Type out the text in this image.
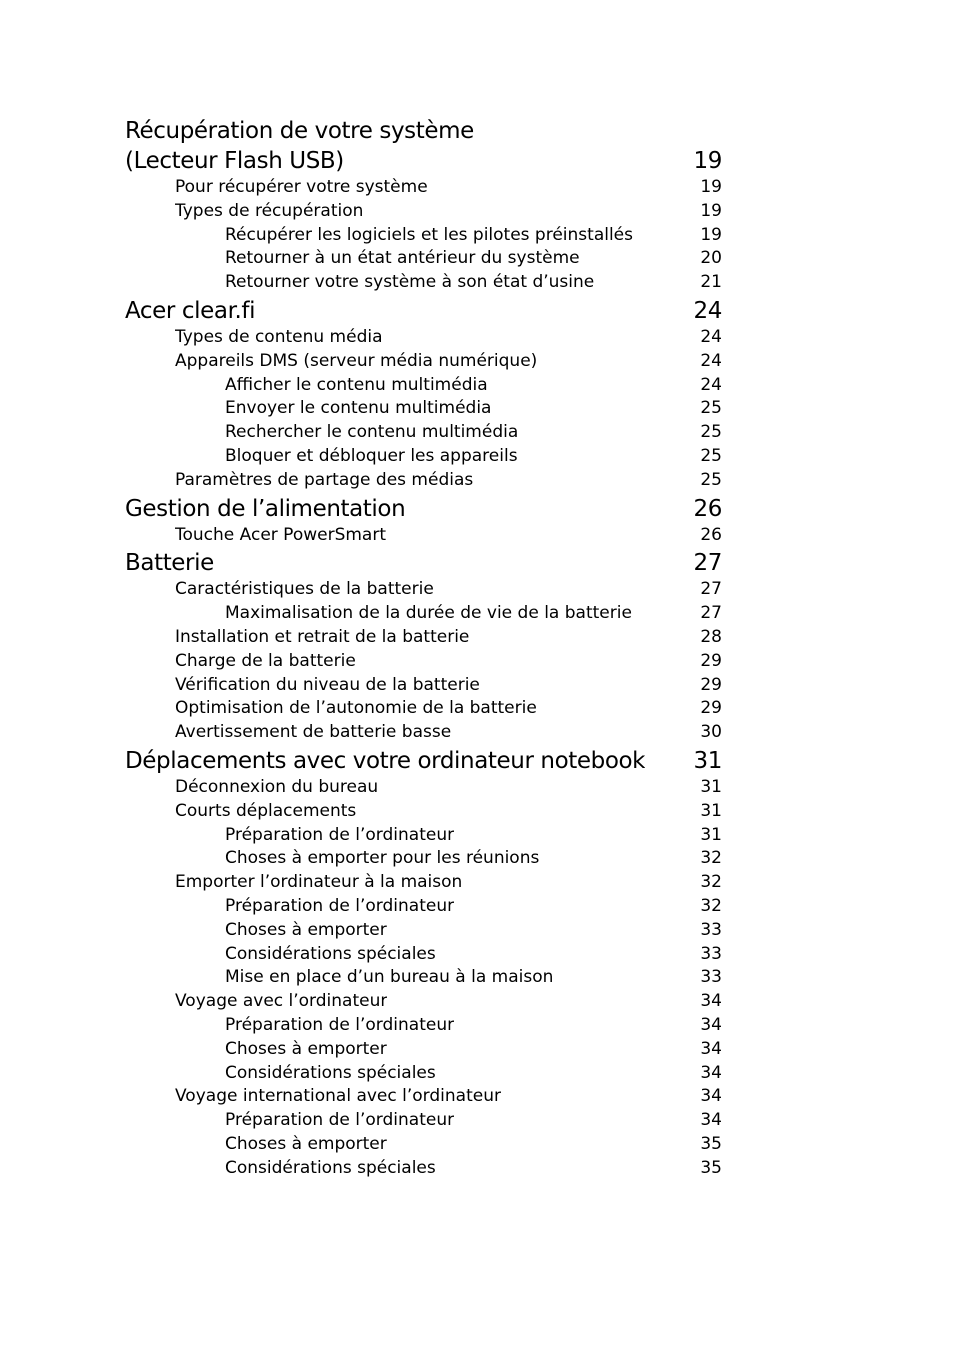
Récupération de votre système
(Lecteur Flash USB)	19
Pour récupérer votre système	19
Types de récupération	19
Récupérer les logiciels et les pilotes préinstallés	19
Retourner à un état antérieur du système	20
Retourner votre système à son état d’usine	21
Acer clear.fi	24
Types de contenu média	24
Appareils DMS (serveur média numérique)	24
Afficher le contenu multimédia	24
Envoyer le contenu multimédia	25
Rechercher le contenu multimédia	25
Bloquer et débloquer les appareils	25
Paramètres de partage des médias	25
Gestion de l’alimentation	26
Touche Acer PowerSmart	26
Batterie	27
Caractéristiques de la batterie	27
Maximalisation de la durée de vie de la batterie	27
Installation et retrait de la batterie	28
Charge de la batterie	29
Vérification du niveau de la batterie	29
Optimisation de l’autonomie de la batterie	29
Avertissement de batterie basse	30
Déplacements avec votre ordinateur notebook 31
Déconnexion du bureau	31
Courts déplacements	31
Préparation de l’ordinateur	31
Choses à emporter pour les réunions	32
Emporter l’ordinateur à la maison	32
Préparation de l’ordinateur	32
Choses à emporter	33
Considérations spéciales	33
Mise en place d’un bureau à la maison	33
Voyage avec l’ordinateur	34
Préparation de l’ordinateur	34
Choses à emporter	34
Considérations spéciales	34
Voyage international avec l’ordinateur	34
Préparation de l’ordinateur	34
Choses à emporter	35
Considérations spéciales	35
